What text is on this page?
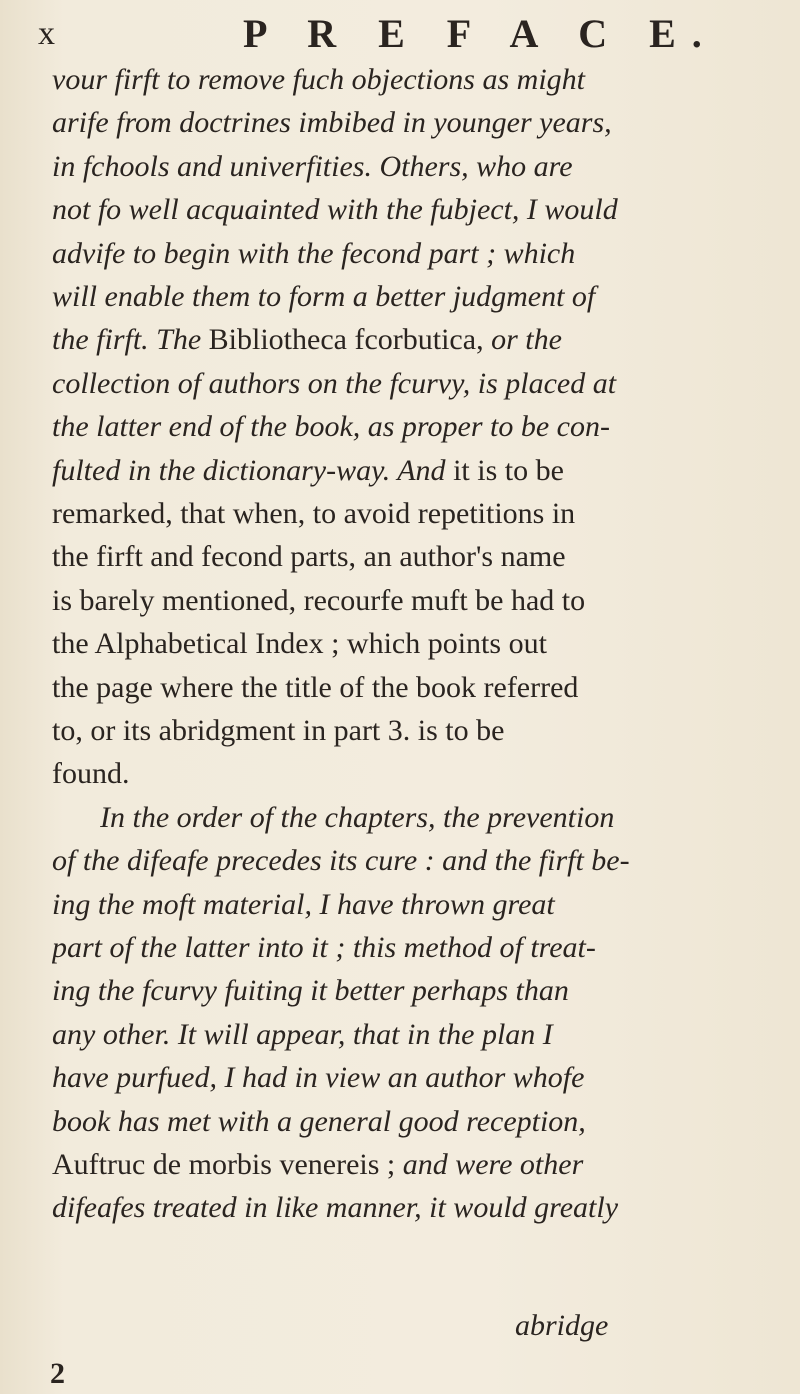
x	P R E F A C E.
vour firft to remove fuch objections as might
arife from doctrines imbibed in younger years,
in fchools and univerfities. Others, who are
not fo well acquainted with the fubject, I would
advife to begin with the fecond part ; which
will enable them to form a better judgment of
the firft. The Bibliotheca fcorbutica, or the
collection of authors on the fcurvy, is placed at
the latter end of the book, as proper to be con-
fulted in the dictionary-way. And it is to be
remarked, that when, to avoid repetitions in
the firft and fecond parts, an author's name
is barely mentioned, recourfe muft be had to
the Alphabetical Index ; which points out
the page where the title of the book referred
to, or its abridgment in part 3. is to be
found.
In the order of the chapters, the prevention
of the difeafe precedes its cure : and the firft be-
ing the moft material, I have thrown great
part of the latter into it ; this method of treat-
ing the fcurvy fuiting it better perhaps than
any other. It will appear, that in the plan I
have purfued, I had in view an author whofe
book has met with a general good reception,
Auftruc de morbis venereis ; and were other
difeafes treated in like manner, it would greatly
abridge
2
